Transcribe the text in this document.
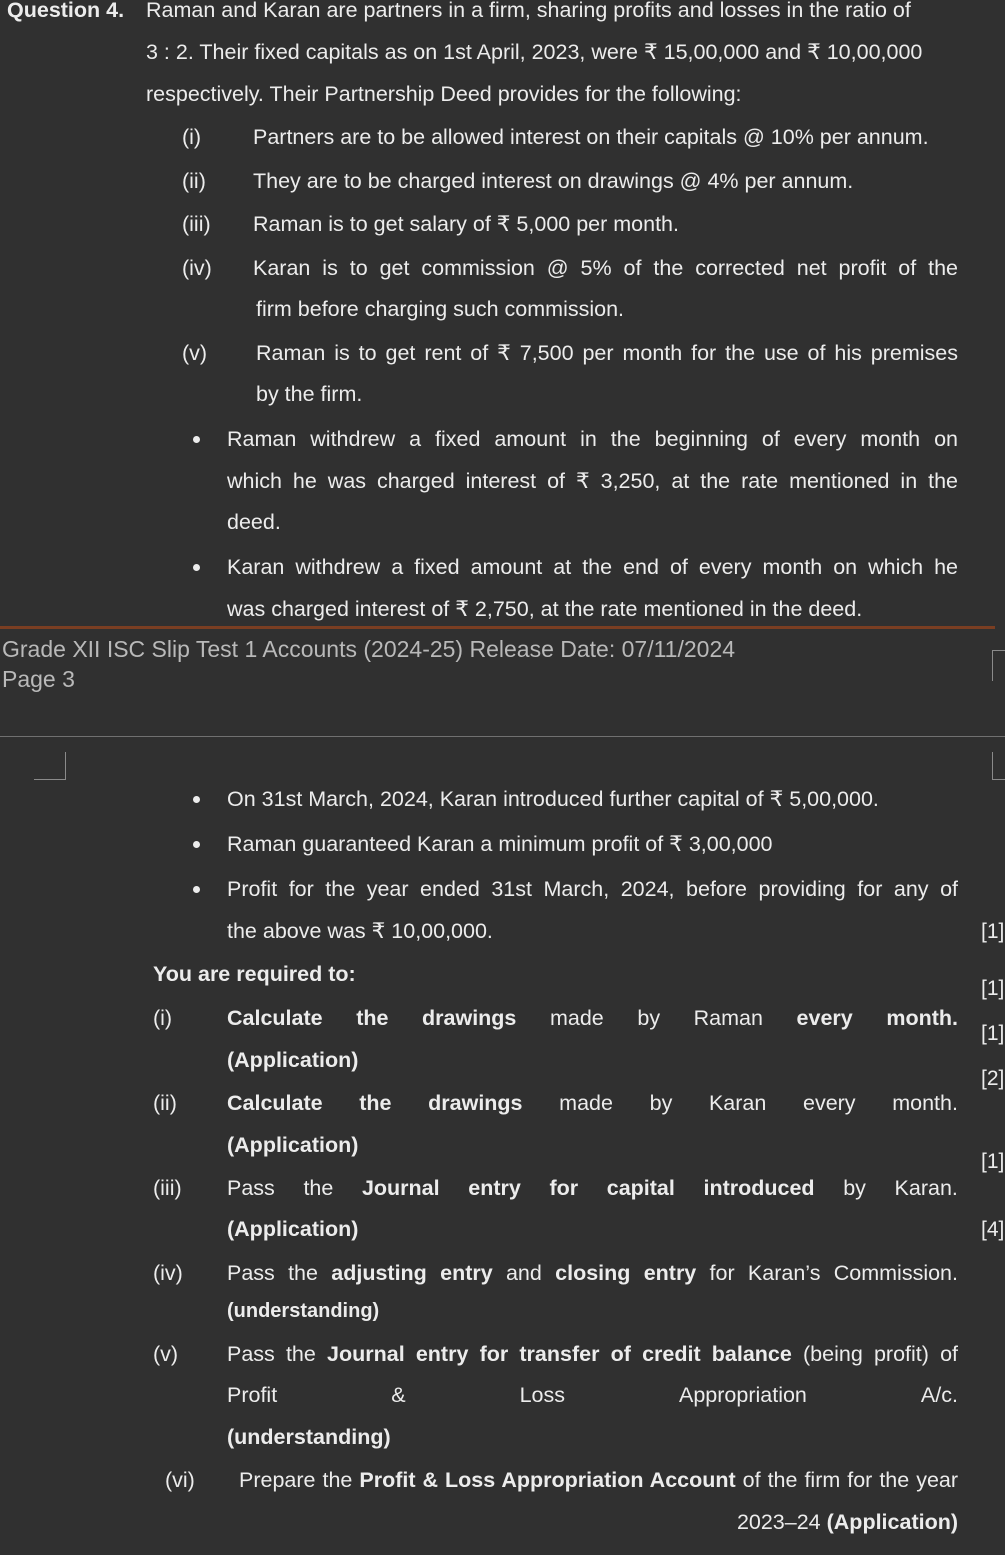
Question 4. Raman and Karan are partners in a firm, sharing profits and losses in the ratio of
3 : 2. Their fixed capitals as on 1st April, 2023, were ₹ 15,00,000 and ₹ 10,00,000
respectively. Their Partnership Deed provides for the following:
(i) Partners are to be allowed interest on their capitals @ 10% per annum.
(ii) They are to be charged interest on drawings @ 4% per annum.
(iii) Raman is to get salary of ₹ 5,000 per month.
(iv) Karan is to get commission @ 5% of the corrected net profit of the
firm before charging such commission.
(v) Raman is to get rent of ₹ 7,500 per month for the use of his premises
by the firm.
Raman withdrew a fixed amount in the beginning of every month on
which he was charged interest of ₹ 3,250, at the rate mentioned in the
deed.
Karan withdrew a fixed amount at the end of every month on which he
was charged interest of ₹ 2,750, at the rate mentioned in the deed.
Grade XII ISC Slip Test 1 Accounts (2024-25) Release Date: 07/11/2024
Page 3
On 31st March, 2024, Karan introduced further capital of ₹ 5,00,000.
Raman guaranteed Karan a minimum profit of ₹ 3,00,000
Profit for the year ended 31st March, 2024, before providing for any of
the above was ₹ 10,00,000.	[1]
[1]
[1]
[2]
[1]
[4]
You are required to:
(i)	Calculate the drawings made by Raman every month.
(Application)
(ii) Calculate the drawings made by Karan every month.
(Application)
(iii) Pass the Journal entry for capital introduced by Karan.
(Application)
(iv) Pass the adjusting entry and closing entry for Karan’s Commission.
(understanding)
(v) Pass the Journal entry for transfer of credit balance (being profit) of
Profit	&	Loss	Appropriation	A/c.
(understanding)
(vi) Prepare the Profit & Loss Appropriation Account of the firm for the year
2023–24 (Application)
